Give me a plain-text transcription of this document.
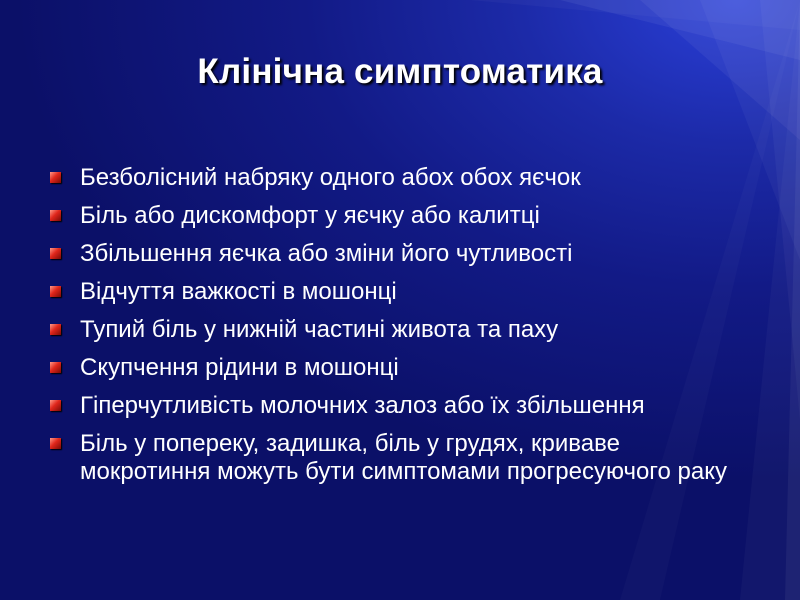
Клінічна симптоматика
Безболісний набряку одного абох обох яєчок
Біль або дискомфорт у яєчку або калитці
Збільшення яєчка або зміни його чутливості
Відчуття важкості в мошонці
Тупий біль у нижній частині живота та паху
Скупчення рідини в мошонці
Гіперчутливість молочних залоз або їх збільшення
Біль у попереку, задишка, біль у грудях, криваве мокротиння можуть бути симптомами прогресуючого раку
